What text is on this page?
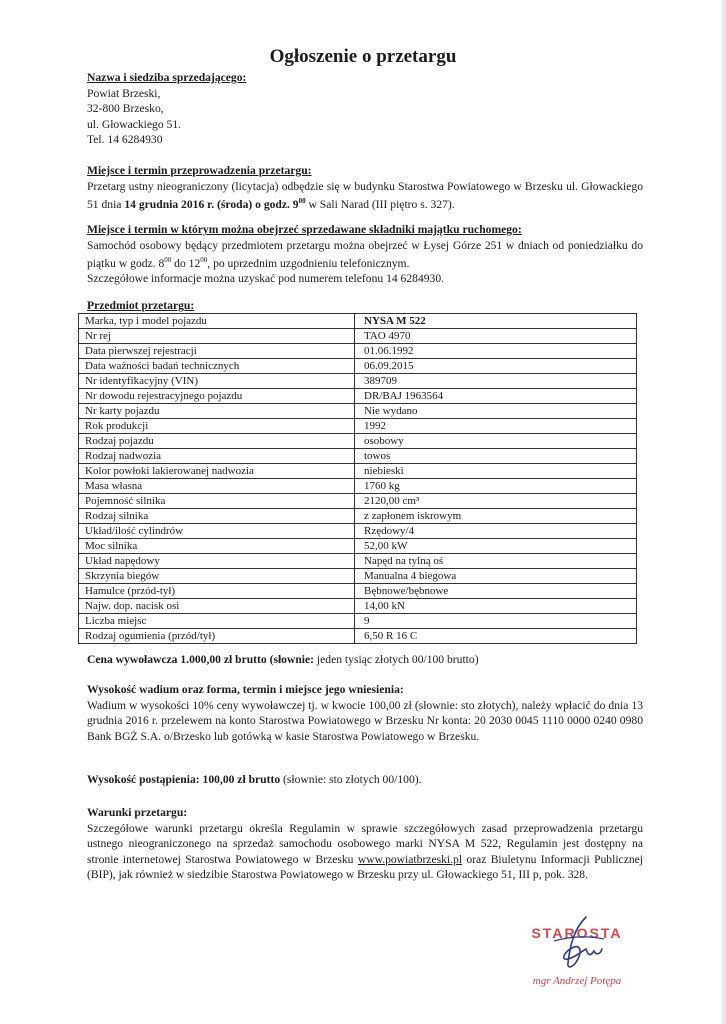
Ogłoszenie o przetargu
Nazwa i siedziba sprzedającego:
Powiat Brzeski,
32-800 Brzesko,
ul. Głowackiego 51.
Tel. 14 6284930
Miejsce i termin przeprowadzenia przetargu:
Przetarg ustny nieograniczony (licytacja) odbędzie się w budynku Starostwa Powiatowego w Brzesku ul. Głowackiego 51 dnia 14 grudnia 2016 r. (środa) o godz. $9^{00}$ w Sali Narad (III piętro s. 327).
Miejsce i termin w którym można obejrzeć sprzedawane składniki majątku ruchomego:
Samochód osobowy będący przedmiotem przetargu można obejrzeć w Łysej Górze 251 w dniach od poniedziałku do piątku w godz. $8^{00}$ do $12^{00}$, po uprzednim uzgodnieniu telefonicznym.
Szczegółowe informacje można uzyskać pod numerem telefonu 14 6284930.
Przedmiot przetargu:
Marka, typ i model pojazdu	NYSA M 522
Nr rej	TAO 4970
Data pierwszej rejestracji	01.06.1992
Data ważności badań technicznych	06.09.2015
Nr identyfikacyjny (VIN)	389709
Nr dowodu rejestracyjnego pojazdu	DR/BAJ 1963564
Nr karty pojazdu	Nie wydano
Rok produkcji	1992
Rodzaj pojazdu	osobowy
Rodzaj nadwozia	towos
Kolor powłoki lakierowanej nadwozia	niebieski
Masa własna	1760 kg
Pojemność silnika	2120,00 cm³
Rodzaj silnika	z zapłonem iskrowym
Układ/ilość cylindrów	Rzędowy/4
Moc silnika	52,00 kW
Układ napędowy	Napęd na tylną oś
Skrzynia biegów	Manualna 4 biegowa
Hamulce (przód-tył)	Bębnowe/bębnowe
Najw. dop. nacisk osi	14,00 kN
Liczba miejsc	9
Rodzaj ogumienia (przód/tył)	6,50 R 16 C
Cena wywoławcza 1.000,00 zł brutto (słownie: jeden tysiąc złotych 00/100 brutto)
Wysokość wadium oraz forma, termin i miejsce jego wniesienia:
Wadium w wysokości 10% ceny wywoławczej tj. w kwocie 100,00 zł (słownie: sto złotych), należy wpłacić do dnia 13 grudnia 2016 r. przelewem na konto Starostwa Powiatowego w Brzesku Nr konta: 20 2030 0045 1110 0000 0240 0980 Bank BGŻ S.A. o/Brzesko lub gotówką w kasie Starostwa Powiatowego w Brzesku.
Wysokość postąpienia: 100,00 zł brutto (słownie: sto złotych 00/100).
Warunki przetargu:
Szczegółowe warunki przetargu określa Regulamin w sprawie szczegółowych zasad przeprowadzenia przetargu ustnego nieograniczonego na sprzedaż samochodu osobowego marki NYSA M 522, Regulamin jest dostępny na stronie internetowej Starostwa Powiatowego w Brzesku www.powiatbrzeski.pl oraz Biuletynu Informacji Publicznej (BIP), jak również w siedzibie Starostwa Powiatowego w Brzesku przy ul. Głowackiego 51, III p, pok. 328.
STAROSTA
mgr Andrzej Potępa
